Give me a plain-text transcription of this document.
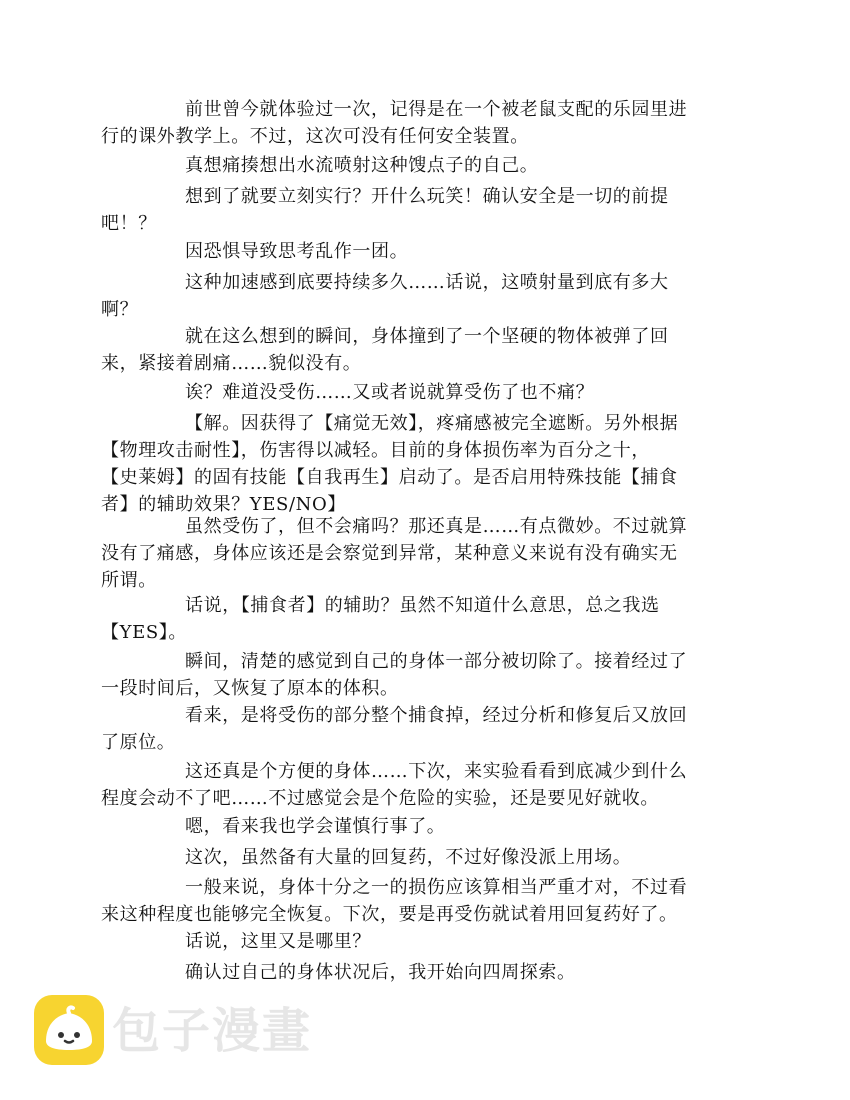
前世曾今就体验过一次，记得是在一个被老鼠支配的乐园里进
行的课外教学上。不过，这次可没有任何安全装置。

真想痛揍想出水流喷射这种馊点子的自己。

想到了就要立刻实行？开什么玩笑！确认安全是一切的前提
吧！？

因恐惧导致思考乱作一团。

这种加速感到底要持续多久……话说，这喷射量到底有多大
啊？

就在这么想到的瞬间，身体撞到了一个坚硬的物体被弹了回
来，紧接着剧痛……貌似没有。

诶？难道没受伤……又或者说就算受伤了也不痛？

【解。因获得了【痛觉无效】，疼痛感被完全遮断。另外根据
【物理攻击耐性】，伤害得以减轻。目前的身体损伤率为百分之十，
【史莱姆】的固有技能【自我再生】启动了。是否启用特殊技能【捕食
者】的辅助效果？YES/NO】

虽然受伤了，但不会痛吗？那还真是……有点微妙。不过就算
没有了痛感，身体应该还是会察觉到异常，某种意义来说有没有确实无
所谓。

话说，【捕食者】的辅助？虽然不知道什么意思，总之我选
【YES】。

瞬间，清楚的感觉到自己的身体一部分被切除了。接着经过了
一段时间后，又恢复了原本的体积。

看来，是将受伤的部分整个捕食掉，经过分析和修复后又放回
了原位。

这还真是个方便的身体……下次，来实验看看到底减少到什么
程度会动不了吧……不过感觉会是个危险的实验，还是要见好就收。

嗯，看来我也学会谨慎行事了。

这次，虽然备有大量的回复药，不过好像没派上用场。

一般来说，身体十分之一的损伤应该算相当严重才对，不过看
来这种程度也能够完全恢复。下次，要是再受伤就试着用回复药好了。

话说，这里又是哪里？

确认过自己的身体状况后，我开始向四周探索。

包子漫畫
